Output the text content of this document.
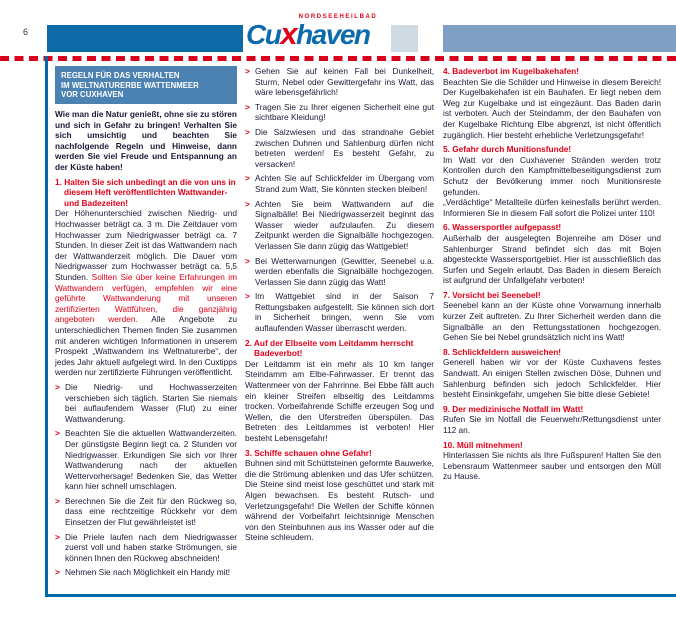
6
NORDSEEHEILBAD
Cuxhaven
REGELN FÜR DAS VERHALTEN
IM WELTNATURERBE WATTENMEER
VOR CUXHAVEN

Wie man die Natur genießt, ohne sie zu stören und sich in Gefahr zu bringen! Verhalten Sie sich umsichtig und beachten Sie nachfolgende Regeln und Hinweise, dann werden Sie viel Freude und Entspannung an der Küste haben!

1. Halten Sie sich unbedingt an die von uns in diesem Heft veröffentlichten Wattwander- und Badezeiten!

Der Höhenunterschied zwischen Niedrig- und Hochwasser beträgt ca. 3 m. Die Zeitdauer vom Hochwasser zum Niedrigwasser beträgt ca. 7 Stunden. In dieser Zeit ist das Wattwandern nach der Wattwanderzeit möglich. Die Dauer vom Niedrigwasser zum Hochwasser beträgt ca. 5,5 Stunden. Sollten Sie über keine Erfahrungen im Wattwandern verfügen, empfehlen wir eine geführte Wattwanderung mit unseren zertifizierten Wattführen, die ganzjährig angeboten werden. Alle Angebote zu unterschiedlichen Themen finden Sie zusammen mit anderen wichtigen Informationen in unserem Prospekt „Wattwandern ins Weltnaturerbe“, der jedes Jahr aktuell aufgelegt wird. In den Cuxtipps werden nur zertifizierte Führungen veröffentlicht.

> Die Niedrig- und Hochwasserzeiten verschieben sich täglich. Starten Sie niemals bei auflaufendem Wasser (Flut) zu einer Wattwanderung.
> Beachten Sie die aktuellen Wattwanderzeiten. Der günstigste Beginn liegt ca. 2 Stunden vor Niedrigwasser. Erkundigen Sie sich vor Ihrer Wattwanderung nach der aktuellen Wettervorhersage! Bedenken Sie, das Wetter kann hier schnell umschlagen.
> Berechnen Sie die Zeit für den Rückweg so, dass eine rechtzeitige Rückkehr vor dem Einsetzen der Flut gewährleistet ist!
> Die Priele laufen nach dem Niedrigwasser zuerst voll und haben starke Strömungen, sie können Ihnen den Rückweg abschneiden!
> Nehmen Sie nach Möglichkeit ein Handy mit!
> Gehen Sie auf keinen Fall bei Dunkelheit, Sturm, Nebel oder Gewittergefahr ins Watt, das wäre lebensgefährlich!
> Tragen Sie zu Ihrer eigenen Sicherheit eine gut sichtbare Kleidung!
> Die Salzwiesen und das strandnahe Gebiet zwischen Duhnen und Sahlenburg dürfen nicht betreten werden! Es besteht Gefahr, zu versacken!
> Achten Sie auf Schlickfelder im Übergang vom Strand zum Watt, Sie könnten stecken bleiben!
> Achten Sie beim Wattwandern auf die Signalbälle! Bei Niedrigwasserzeit beginnt das Wasser wieder aufzulaufen. Zu diesem Zeitpunkt werden die Signalbälle hochgezogen. Verlassen Sie dann zügig das Wattgebiet!
> Bei Wetterwarnungen (Gewitter, Seenebel u.a. werden ebenfalls die Signalbälle hochgezogen. Verlassen Sie dann zügig das Watt!
> Im Wattgebiet sind in der Saison 7 Rettungsbaken aufgestellt. Sie können sich dort in Sicherheit bringen, wenn Sie vom auflaufenden Wasser überrascht werden.
2. Auf der Elbseite vom Leitdamm herrscht Badeverbot!

Der Leitdamm ist ein mehr als 10 km langer Steindamm am Elbe-Fahrwasser. Er trennt das Wattenmeer von der Fahrrinne. Bei Ebbe fällt auch ein kleiner Streifen elbseitig des Leitdamms trocken. Vorbeifahrende Schiffe erzeugen Sog und Wellen, die den Uferstreifen überspülen. Das Betreten des Leitdammes ist verboten! Hier besteht Lebensgefahr!

3. Schiffe schauen ohne Gefahr!

Buhnen sind mit Schüttsteinen geformte Bauwerke, die die Strömung ablenken und das Ufer schützen. Die Steine sind meist lose geschüttet und stark mit Algen bewachsen. Es besteht Rutsch- und Verletzungsgefahr! Die Wellen der Schiffe können während der Vorbeifahrt leichtsinnige Menschen von den Steinbuhnen aus ins Wasser oder auf die Steine schleudern.

4. Badeverbot im Kugelbakehafen!

Beachten Sie die Schilder und Hinweise in diesem Bereich! Der Kugelbakehafen ist ein Bauhafen. Er liegt neben dem Weg zur Kugelbake und ist eingezäunt. Das Baden darin ist verboten. Auch der Steindamm, der den Bauhafen von der Kugelbake Richtung Elbe abgrenzt, ist nicht öffentlich zugänglich. Hier besteht erhebliche Verletzungsgefahr!

5. Gefahr durch Munitionsfunde!

Im Watt vor den Cuxhavener Stränden werden trotz Kontrollen durch den Kampfmittelbeseitigungsdienst zum Schutz der Bevölkerung immer noch Munitionsreste gefunden.

„Verdächtige“ Metallteile dürfen keinesfalls berührt werden. Informieren Sie in diesem Fall sofort die Polizei unter 110!

6. Wassersportler aufgepasst!

Außerhalb der ausgelegten Bojenreihe am Döser und Sahlenburger Strand befindet sich das mit Bojen abgesteckte Wassersportgebiet. Hier ist ausschließlich das Surfen und Segeln erlaubt. Das Baden in diesem Bereich ist aufgrund der Unfallgefahr verboten!

7. Vorsicht bei Seenebel!

Seenebel kann an der Küste ohne Vorwarnung innerhalb kurzer Zeit auftreten. Zu Ihrer Sicherheit werden dann die Signalbälle an den Rettungsstationen hochgezogen. Gehen Sie bei Nebel grundsätzlich nicht ins Watt!

8. Schlickfeldern ausweichen!

Generell haben wir vor der Küste Cuxhavens festes Sandwatt. An einigen Stellen zwischen Döse, Duhnen und Sahlenburg befinden sich jedoch Schlickfelder. Hier besteht Einsinkgefahr, umgehen Sie bitte diese Gebiete!

9. Der medizinische Notfall im Watt!

Rufen Sie im Notfall die Feuerwehr/Rettungsdienst unter 112 an.

10. Müll mitnehmen!

Hinterlassen Sie nichts als Ihre Fußspuren! Halten Sie den Lebensraum Wattenmeer sauber und entsorgen den Müll zu Hause.
